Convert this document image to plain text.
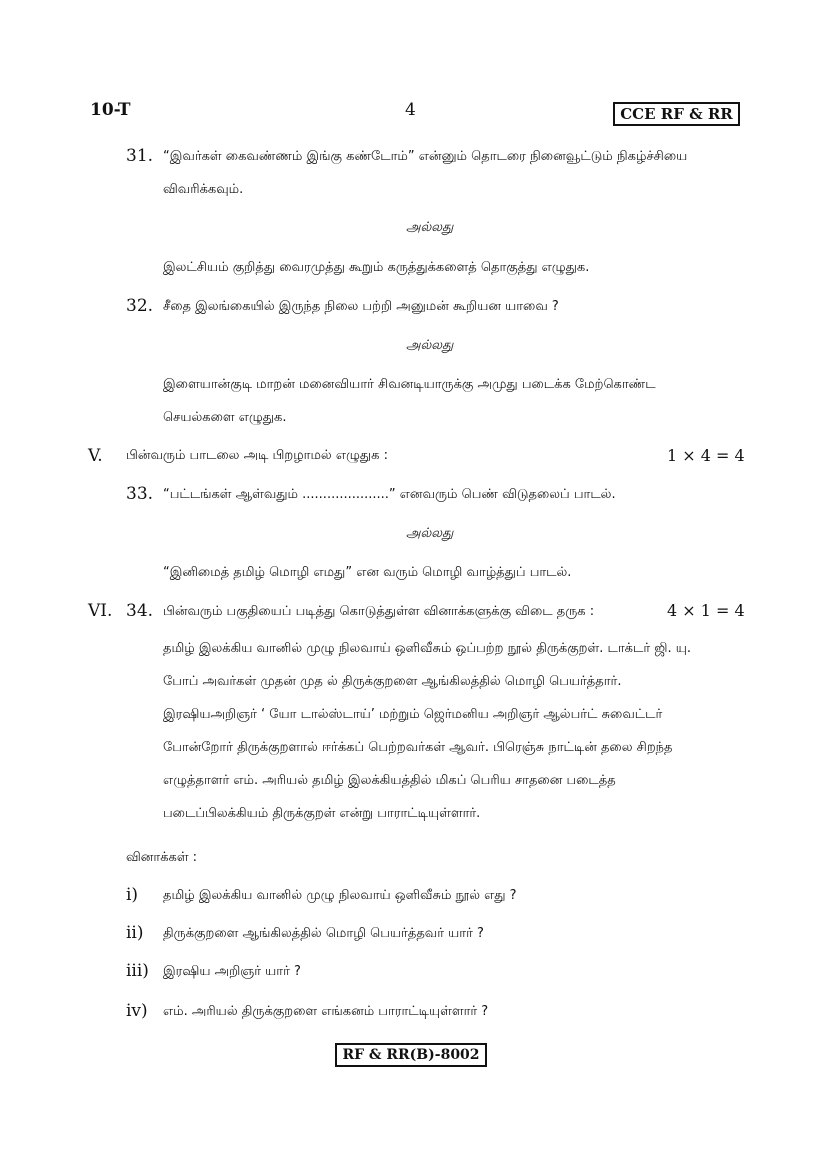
10-T	4	CCE RF & RR
31. “இவர்கள் கைவண்ணம் இங்கு கண்டோம்” என்னும் தொடரை நினைவூட்டும் நிகழ்ச்சியை
விவரிக்கவும்.
அல்லது
இலட்சியம் குறித்து வைரமுத்து கூறும் கருத்துக்களைத் தொகுத்து எழுதுக.
32. சீதை இலங்கையில் இருந்த நிலை பற்றி அனுமன் கூறியன யாவை ?
அல்லது
இளையான்குடி மாறன் மனைவியார் சிவனடியாருக்கு அமுது படைக்க மேற்கொண்ட
செயல்களை எழுதுக.
V. பின்வரும் பாடலை அடி பிறழாமல் எழுதுக :	1 × 4 = 4
33. “பட்டங்கள் ஆள்வதும் .....................” எனவரும் பெண் விடுதலைப் பாடல்.
அல்லது
“இனிமைத் தமிழ் மொழி எமது” என வரும் மொழி வாழ்த்துப் பாடல்.
VI. 34. பின்வரும் பகுதியைப் படித்து கொடுத்துள்ள வினாக்களுக்கு விடை தருக :	4 × 1 = 4
தமிழ் இலக்கிய வானில் முழு நிலவாய் ஒளிவீசும் ஒப்பற்ற நூல் திருக்குறள். டாக்டர் ஜி. யு.
போப் அவர்கள் முதன் முத ல் திருக்குறளை ஆங்கிலத்தில் மொழி பெயர்த்தார்.
இரஷியஅறிஞர் ‘ யோ டால்ஸ்டாய்’ மற்றும் ஜெர்மனிய அறிஞர் ஆல்பர்ட் சுவைட்டர்
போன்றோர் திருக்குறளால் ஈர்க்கப் பெற்றவர்கள் ஆவர். பிரெஞ்சு நாட்டின் தலை சிறந்த
எழுத்தாளர் எம். அரியல் தமிழ் இலக்கியத்தில் மிகப் பெரிய சாதனை படைத்த
படைப்பிலக்கியம் திருக்குறள் என்று பாராட்டியுள்ளார்.
வினாக்கள் :
i) தமிழ் இலக்கிய வானில் முழு நிலவாய் ஒளிவீசும் நூல் எது ?
ii) திருக்குறளை ஆங்கிலத்தில் மொழி பெயர்த்தவர் யார் ?
iii) இரஷிய அறிஞர் யார் ?
iv) எம். அரியல் திருக்குறளை எங்கனம் பாராட்டியுள்ளார் ?
RF & RR(B)-8002
